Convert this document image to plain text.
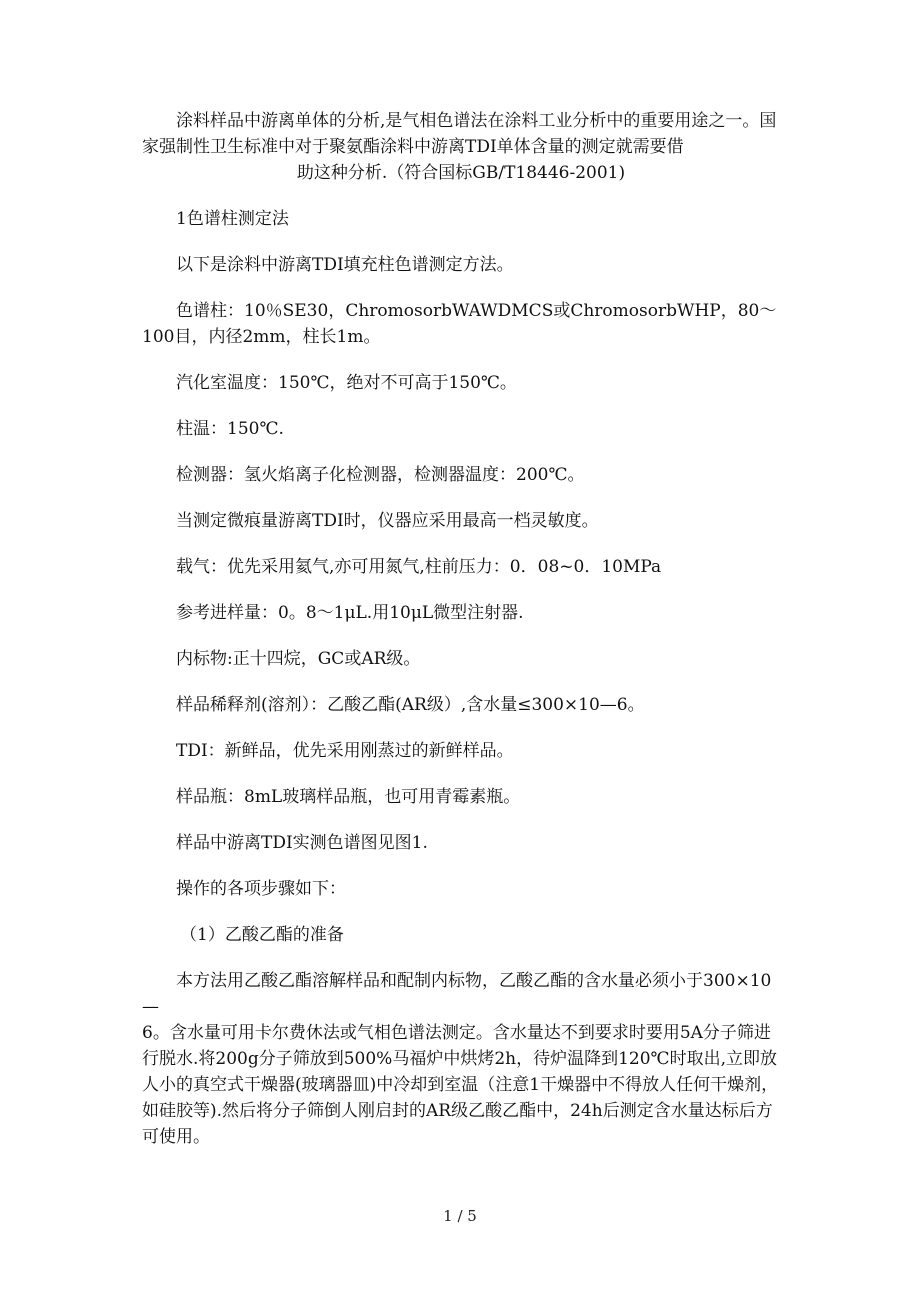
涂料样品中游离单体的分析,是气相色谱法在涂料工业分析中的重要用途之一。国家强制性卫生标准中对于聚氨酯涂料中游离TDI单体含量的测定就需要借
助这种分析.（符合国标GB/T18446-2001)

1色谱柱测定法

以下是涂料中游离TDI填充柱色谱测定方法。

色谱柱：10％SE30，ChromosorbWAWDMCS或ChromosorbWHP，80～100目，内径2mm，柱长1m。

汽化室温度：150℃，绝对不可高于150℃。

柱温：150℃.

检测器：氢火焰离子化检测器，检测器温度：200℃。

当测定微痕量游离TDI时，仪器应采用最高一档灵敏度。

载气：优先采用氦气,亦可用氮气,柱前压力：0．08~0．10MPa

参考进样量：0。8～1μL.用10μL微型注射器.

内标物:正十四烷，GC或AR级。

样品稀释剂(溶剂）：乙酸乙酯(AR级）,含水量≤300×10—6。

TDI：新鲜品，优先采用刚蒸过的新鲜样品。

样品瓶：8mL玻璃样品瓶，也可用青霉素瓶。

样品中游离TDI实测色谱图见图1.

操作的各项步骤如下：

（1）乙酸乙酯的准备

本方法用乙酸乙酯溶解样品和配制内标物，乙酸乙酯的含水量必须小于300×10—
6。含水量可用卡尔费休法或气相色谱法测定。含水量达不到要求时要用5A分子筛进行脱水.将200g分子筛放到500%马福炉中烘烤2h，待炉温降到120℃时取出,立即放人小的真空式干燥器(玻璃器皿)中冷却到室温（注意1干燥器中不得放人任何干燥剂，如硅胶等).然后将分子筛倒人刚启封的AR级乙酸乙酯中，24h后测定含水量达标后方可使用。

1 / 5
